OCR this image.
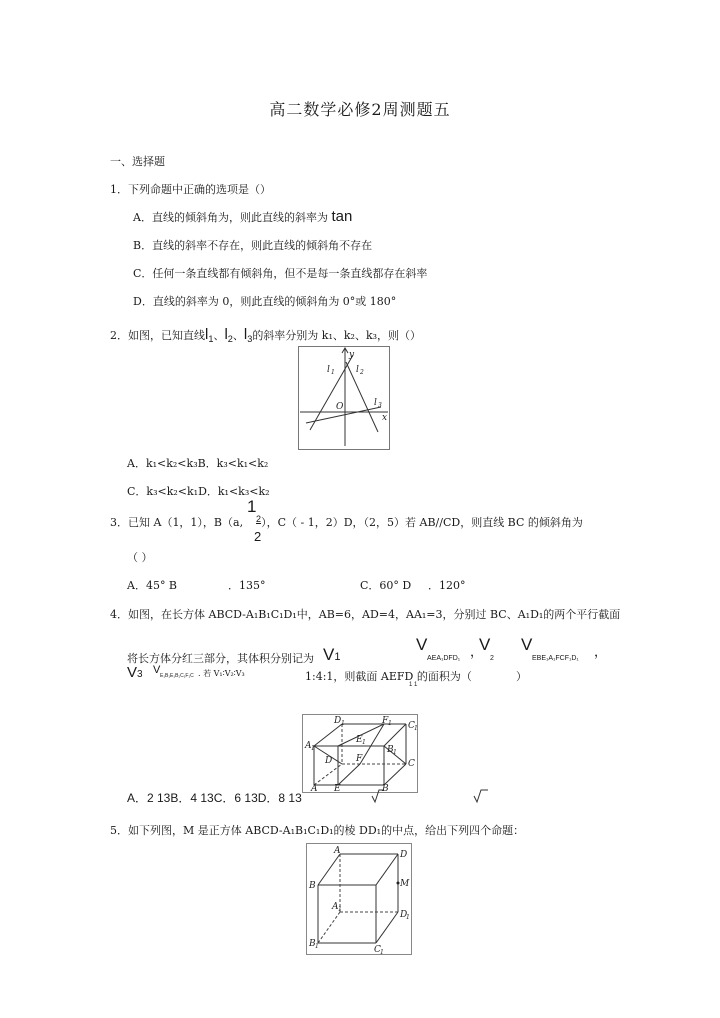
高二数学必修2周测题五
一、选择题
1．下列命题中正确的选项是（）
A．直线的倾斜角为，则此直线的斜率为 tan
B．直线的斜率不存在，则此直线的倾斜角不存在
C．任何一条直线都有倾斜角，但不是每一条直线都存在斜率
D．直线的斜率为 0，则此直线的倾斜角为 0°或 180°
2．如图，已知直线$l_1$、$l_2$、$l_3$的斜率分别为 k₁、k₂、k₃，则（）
y
x
O
l 1 l 2
l 3
A．k₁<k₂<k₃B．k₃<k₁<k₂
C．k₃<k₂<k₁D．k₁<k₃<k₂
3．已知 A（1，1），B（a, ），C（ - 1，2）D，（2，5）若 AB//CD，则直线 BC 的倾斜角为
1
2
2
（ ）
A．45° B	．135°	C．60° D ．120°
4．如图，在长方体 ABCD-A₁B₁C₁D₁中，AB=6，AD=4，AA₁=3，分别过 BC、A₁D₁的两个平行截面
将长方体分红三部分，其体积分别记为 V1
V
AEA₁DFD₁ ，
V
2
V
EBE₁A₁FCF₁D₁ ，
V3 V E₁B₁E₁B₁C₁F₁C . 若 V₁∶V₂∶V₃	1:4:1，则截面 AEFD 的面积为（	）
1 1
D 1	F 1 C 1
E 1
A 1	B 1
D	F	C
A E	B
A．2 13B．4 13C．6 13D．8 13
5．如下列图，M 是正方体 ABCD-A₁B₁C₁D₁的棱 DD₁的中点，给出下列四个命题：
A	D
B	M
A 1
D
1
B 1	C 1
